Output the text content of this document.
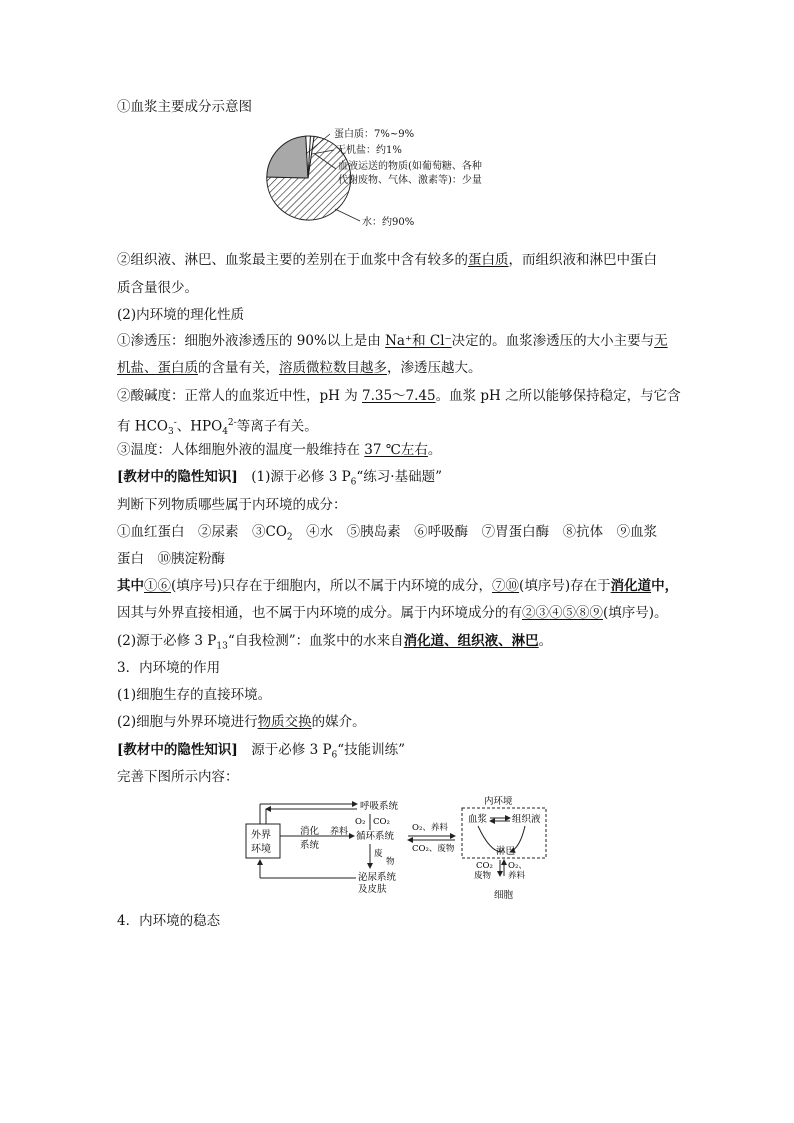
①血浆主要成分示意图
蛋白质：7%~9%
无机盐：约1%
血液运送的物质(如葡萄糖、各种
代谢废物、气体、激素等)：少量
水：约90%
②组织液、淋巴、血浆最主要的差别在于血浆中含有较多的蛋白质，而组织液和淋巴中蛋白
质含量很少。
(2)内环境的理化性质
①渗透压：细胞外液渗透压的 90%以上是由 Na⁺和 Cl⁻决定的。血浆渗透压的大小主要与无
机盐、蛋白质的含量有关，溶质微粒数目越多，渗透压越大。
②酸碱度：正常人的血浆近中性，pH 为 7.35～7.45。血浆 pH 之所以能够保持稳定，与它含
有 $HCO_3^-$、$HPO_4^{2-}$等离子有关。
③温度：人体细胞外液的温度一般维持在 37 ℃左右。
[教材中的隐性知识]　 (1)源于必修 3 $P_6“$练习·基础题”
判断下列物质哪些属于内环境的成分：
①血红蛋白　②尿素　$③CO_2$　④水　⑤胰岛素　⑥呼吸酶　⑦胃蛋白酶　⑧抗体　⑨血浆
蛋白　⑩胰淀粉酶
其中①⑥(填序号)只存在于细胞内，所以不属于内环境的成分，⑦⑩(填序号)存在于消化道中，
因其与外界直接相通，也不属于内环境的成分。属于内环境成分的有②③④⑤⑧⑨(填序号)。
(2)源于必修 3 $P_{13}“$自我检测”：血浆中的水来自消化道、组织液、淋巴。
3．内环境的作用
(1)细胞生存的直接环境。
(2)细胞与外界环境进行物质交换的媒介。
[教材中的隐性知识]　源于必修 3 $P_6“$技能训练”
完善下图所示内容：
外界
环境
呼吸系统
O₂ CO₂
消化
系统
养料 循环系统
废
物
泌尿系统
及皮肤
O₂、养料
CO₂、废物
内环境
血浆	组织液
淋巴
CO₂
废物
O₂、
养料
细胞
4．内环境的稳态
